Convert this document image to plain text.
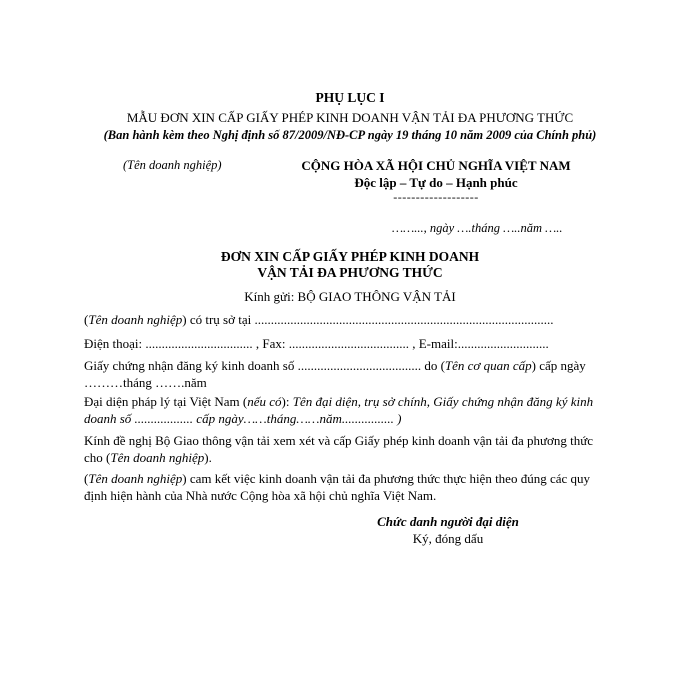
PHỤ LỤC I
MẪU ĐƠN XIN CẤP GIẤY PHÉP KINH DOANH VẬN TẢI ĐA PHƯƠNG THỨC
(Ban hành kèm theo Nghị định số 87/2009/NĐ-CP ngày 19 tháng 10 năm 2009 của Chính phủ)
(Tên doanh nghiệp)	CỘNG HÒA XÃ HỘI CHỦ NGHĨA VIỆT NAM
Độc lập – Tự do – Hạnh phúc
-------------------
……..., ngày ….tháng …..năm …..
ĐƠN XIN CẤP GIẤY PHÉP KINH DOANH
VẬN TẢI ĐA PHƯƠNG THỨC
Kính gửi: BỘ GIAO THÔNG VẬN TẢI
(Tên doanh nghiệp) có trụ sở tại ............................................................................................
Điện thoại: ................................. , Fax: ..................................... , E-mail:............................
Giấy chứng nhận đăng ký kinh doanh số ...................................... do (Tên cơ quan cấp) cấp ngày ………tháng …….năm
Đại diện pháp lý tại Việt Nam (nếu có): Tên đại diện, trụ sở chính, Giấy chứng nhận đăng ký kinh doanh số .................. cấp ngày……tháng……năm................ )
Kính đề nghị Bộ Giao thông vận tải xem xét và cấp Giấy phép kinh doanh vận tải đa phương thức cho (Tên doanh nghiệp).
(Tên doanh nghiệp) cam kết việc kinh doanh vận tải đa phương thức thực hiện theo đúng các quy định hiện hành của Nhà nước Cộng hòa xã hội chủ nghĩa Việt Nam.
Chức danh người đại diện
Ký, đóng dấu
